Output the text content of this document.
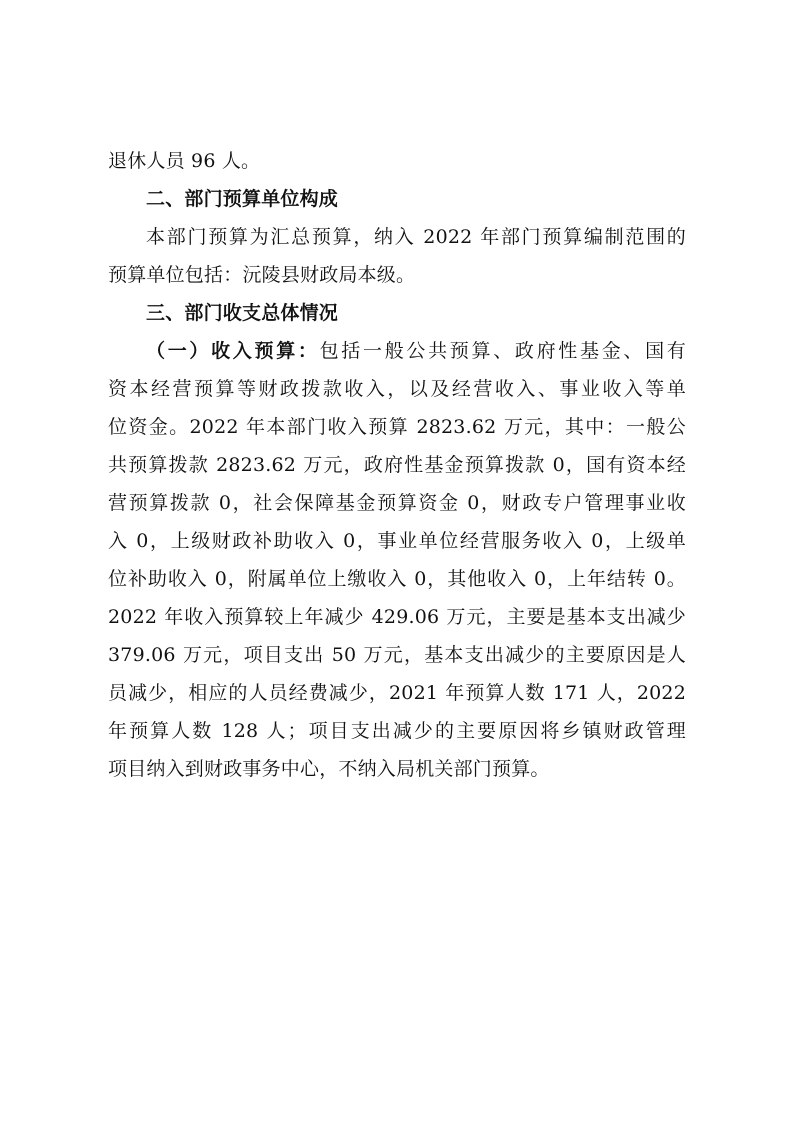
退休人员 96 人。

二、部门预算单位构成

本部门预算为汇总预算，纳入 2022 年部门预算编制范围的

预算单位包括：沅陵县财政局本级。

三、部门收支总体情况

（一）收入预算：包括一般公共预算、政府性基金、国有

资本经营预算等财政拨款收入，以及经营收入、事业收入等单

位资金。2022 年本部门收入预算 2823.62 万元，其中：一般公

共预算拨款 2823.62 万元，政府性基金预算拨款 0，国有资本经

营预算拨款 0，社会保障基金预算资金 0，财政专户管理事业收

入 0，上级财政补助收入 0，事业单位经营服务收入 0，上级单

位补助收入 0，附属单位上缴收入 0，其他收入 0，上年结转 0。

2022 年收入预算较上年减少 429.06 万元，主要是基本支出减少

379.06 万元，项目支出 50 万元，基本支出减少的主要原因是人

员减少，相应的人员经费减少，2021 年预算人数 171 人，2022

年预算人数 128 人；项目支出减少的主要原因将乡镇财政管理

项目纳入到财政事务中心，不纳入局机关部门预算。
